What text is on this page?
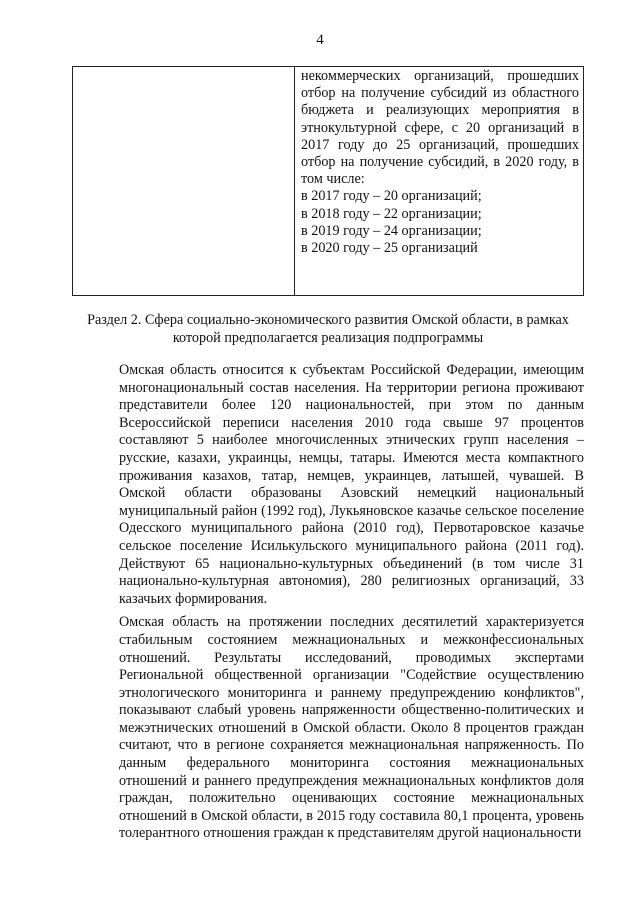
4
некоммерческих организаций, прошедших отбор на получение субсидий из областного бюджета и реализующих мероприятия в этнокультурной сфере, с 20 организаций в 2017 году до 25 организаций, прошедших отбор на получение субсидий, в 2020 году, в том числе:
в 2017 году – 20 организаций;
в 2018 году – 22 организации;
в 2019 году – 24 организации;
в 2020 году – 25 организаций
Раздел 2. Сфера социально-экономического развития Омской области, в рамках которой предполагается реализация подпрограммы

Омская область относится к субъектам Российской Федерации, имеющим многонациональный состав населения. На территории региона проживают представители более 120 национальностей, при этом по данным Всероссийской переписи населения 2010 года свыше 97 процентов составляют 5 наиболее многочисленных этнических групп населения – русские, казахи, украинцы, немцы, татары. Имеются места компактного проживания казахов, татар, немцев, украинцев, латышей, чувашей. В Омской области образованы Азовский немецкий национальный муниципальный район (1992 год), Лукьяновское казачье сельское поселение Одесского муниципального района (2010 год), Первотаровское казачье сельское поселение Исилькульского муниципального района (2011 год). Действуют 65 национально-культурных объединений (в том числе 31 национально-культурная автономия), 280 религиозных организаций, 33 казачьих формирования.

Омская область на протяжении последних десятилетий характеризуется стабильным состоянием межнациональных и межконфессиональных отношений. Результаты исследований, проводимых экспертами Региональной общественной организации "Содействие осуществлению этнологического мониторинга и раннему предупреждению конфликтов", показывают слабый уровень напряженности общественно-политических и межэтнических отношений в Омской области. Около 8 процентов граждан считают, что в регионе сохраняется межнациональная напряженность. По данным федерального мониторинга состояния межнациональных отношений и раннего предупреждения межнациональных конфликтов доля граждан, положительно оценивающих состояние межнациональных отношений в Омской области, в 2015 году составила 80,1 процента, уровень толерантного отношения граждан к представителям другой национальности
